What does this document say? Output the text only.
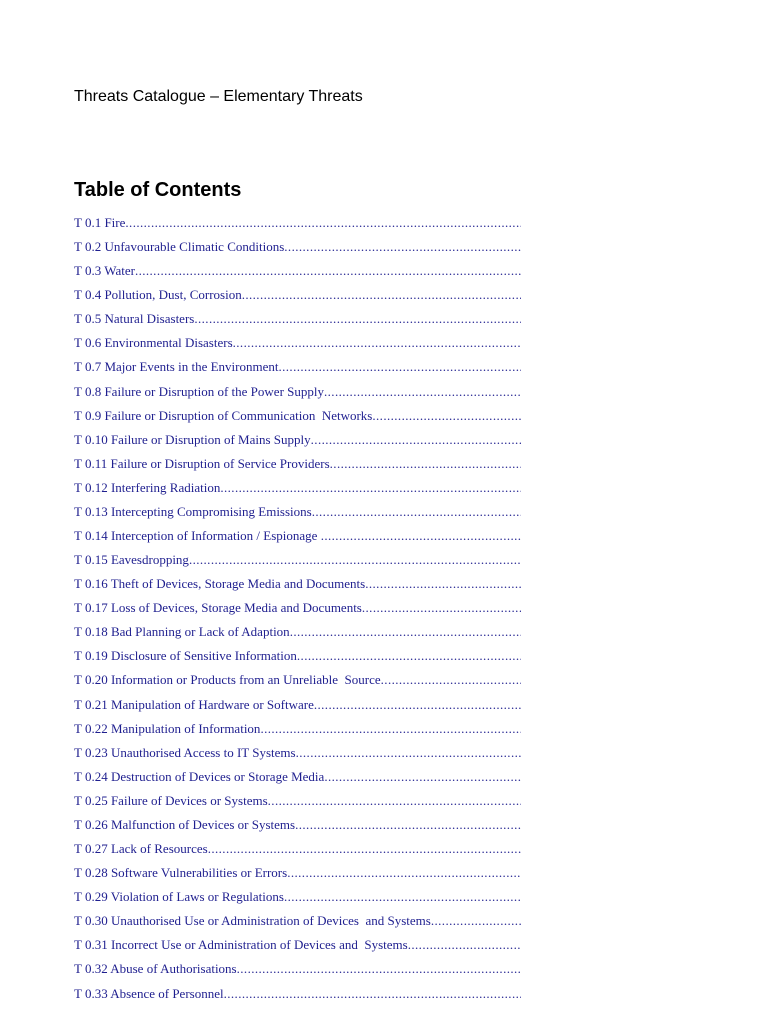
Threats Catalogue – Elementary Threats
Table of Contents
T 0.1 Fire
.....
T 0.2 Unfavourable Climatic Conditions
.....
T 0.3 Water
.....
T 0.4 Pollution, Dust, Corrosion
.....
T 0.5 Natural Disasters
.....
T 0.6 Environmental Disasters
.....
T 0.7 Major Events in the Environment
.....
T 0.8 Failure or Disruption of the Power Supply
.....
T 0.9 Failure or Disruption of Communication  Networks
.....
T 0.10 Failure or Disruption of Mains Supply
.....
T 0.11 Failure or Disruption of Service Providers
.....
T 0.12 Interfering Radiation
.....
T 0.13 Intercepting Compromising Emissions
.....
T 0.14 Interception of Information / Espionage
.....
T 0.15 Eavesdropping
.....
T 0.16 Theft of Devices, Storage Media and Documents
.....
T 0.17 Loss of Devices, Storage Media and Documents
.....
T 0.18 Bad Planning or Lack of Adaption
.....
T 0.19 Disclosure of Sensitive Information
.....
T 0.20 Information or Products from an Unreliable  Source
.....
T 0.21 Manipulation of Hardware or Software
.....
T 0.22 Manipulation of Information
.....
T 0.23 Unauthorised Access to IT Systems
.....
T 0.24 Destruction of Devices or Storage Media
.....
T 0.25 Failure of Devices or Systems
.....
T 0.26 Malfunction of Devices or Systems
.....
T 0.27 Lack of Resources
.....
T 0.28 Software Vulnerabilities or Errors
.....
T 0.29 Violation of Laws or Regulations
.....
T 0.30 Unauthorised Use or Administration of Devices  and Systems
.....
T 0.31 Incorrect Use or Administration of Devices and  Systems
.....
T 0.32 Abuse of Authorisations
.....
T 0.33 Absence of Personnel
.....
